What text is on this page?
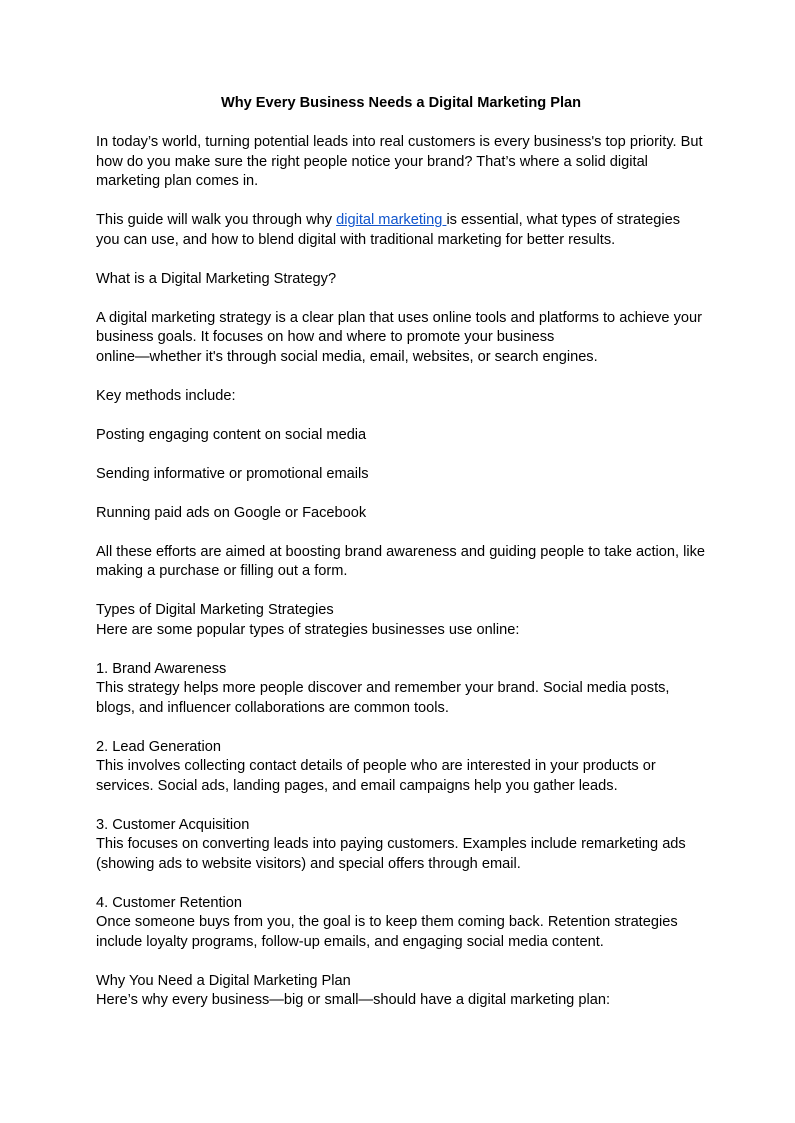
Why Every Business Needs a Digital Marketing Plan

In today’s world, turning potential leads into real customers is every business's top priority. But how do you make sure the right people notice your brand? That’s where a solid digital marketing plan comes in.

This guide will walk you through why digital marketing is essential, what types of strategies you can use, and how to blend digital with traditional marketing for better results.

What is a Digital Marketing Strategy?

A digital marketing strategy is a clear plan that uses online tools and platforms to achieve your business goals. It focuses on how and where to promote your business
online—whether it's through social media, email, websites, or search engines.

Key methods include:

Posting engaging content on social media

Sending informative or promotional emails

Running paid ads on Google or Facebook

All these efforts are aimed at boosting brand awareness and guiding people to take action, like making a purchase or filling out a form.

Types of Digital Marketing Strategies

Here are some popular types of strategies businesses use online:

1. Brand Awareness

This strategy helps more people discover and remember your brand. Social media posts, blogs, and influencer collaborations are common tools.

2. Lead Generation

This involves collecting contact details of people who are interested in your products or services. Social ads, landing pages, and email campaigns help you gather leads.

3. Customer Acquisition

This focuses on converting leads into paying customers. Examples include remarketing ads (showing ads to website visitors) and special offers through email.

4. Customer Retention

Once someone buys from you, the goal is to keep them coming back. Retention strategies include loyalty programs, follow-up emails, and engaging social media content.

Why You Need a Digital Marketing Plan

Here’s why every business—big or small—should have a digital marketing plan:
